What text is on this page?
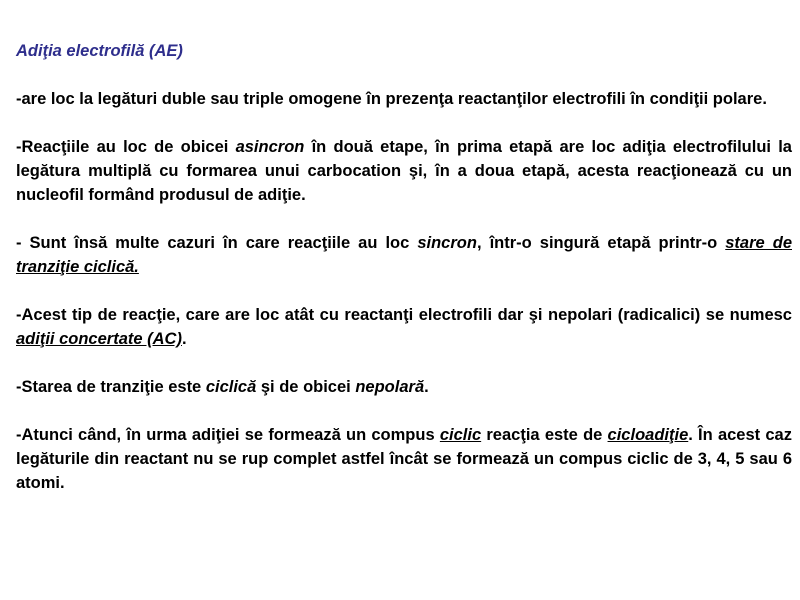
Adiţia electrofilă (AE)

-are loc la legături duble sau triple omogene în prezenţa reactanţilor electrofili în condiţii polare.

-Reacţiile au loc de obicei asincron în două etape, în prima etapă are loc adiţia electrofilului la legătura multiplă cu formarea unui carbocation şi, în a doua etapă, acesta reacţionează cu un nucleofil formând produsul de adiţie.

- Sunt însă multe cazuri în care reacţiile au loc sincron, într-o singură etapă printr-o stare de tranziţie ciclică.

-Acest tip de reacţie, care are loc atât cu reactanţi electrofili dar şi nepolari (radicalici) se numesc adiţii concertate (AC).

-Starea de tranziţie este ciclică şi de obicei nepolară.

-Atunci când, în urma adiţiei se formează un compus ciclic reacţia este de cicloadiţie. În acest caz legăturile din reactant nu se rup complet astfel încât se formează un compus ciclic de 3, 4, 5 sau 6 atomi.
